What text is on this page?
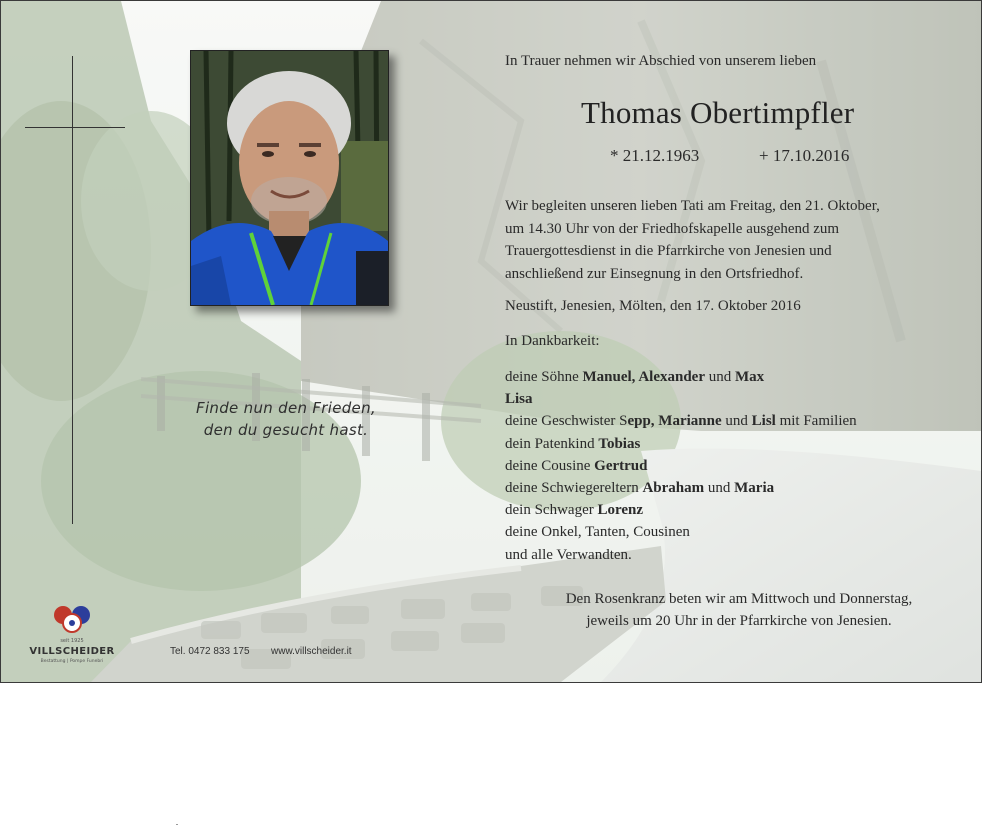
Finde nun den Frieden,
den du gesucht hast.
In Trauer nehmen wir Abschied von unserem lieben
Thomas Obertimpfler
* 21.12.1963	+ 17.10.2016
Wir begleiten unseren lieben Tati am Freitag, den 21. Oktober,
um 14.30 Uhr von der Friedhofskapelle ausgehend zum
Trauergottesdienst in die Pfarrkirche von Jenesien und
anschließend zur Einsegnung in den Ortsfriedhof.
Neustift, Jenesien, Mölten, den 17. Oktober 2016
In Dankbarkeit:
deine Söhne Manuel, Alexander und Max
Lisa
deine Geschwister Sepp, Marianne und Lisl mit Familien
dein Patenkind Tobias
deine Cousine Gertrud
deine Schwiegereltern Abraham und Maria
dein Schwager Lorenz
deine Onkel, Tanten, Cousinen
und alle Verwandten.
Den Rosenkranz beten wir am Mittwoch und Donnerstag,
jeweils um 20 Uhr in der Pfarrkirche von Jenesien.
seit 1925
VILLSCHEIDER
Bestattung | Pompe Funebri
Tel. 0472 833 175 www.villscheider.it
